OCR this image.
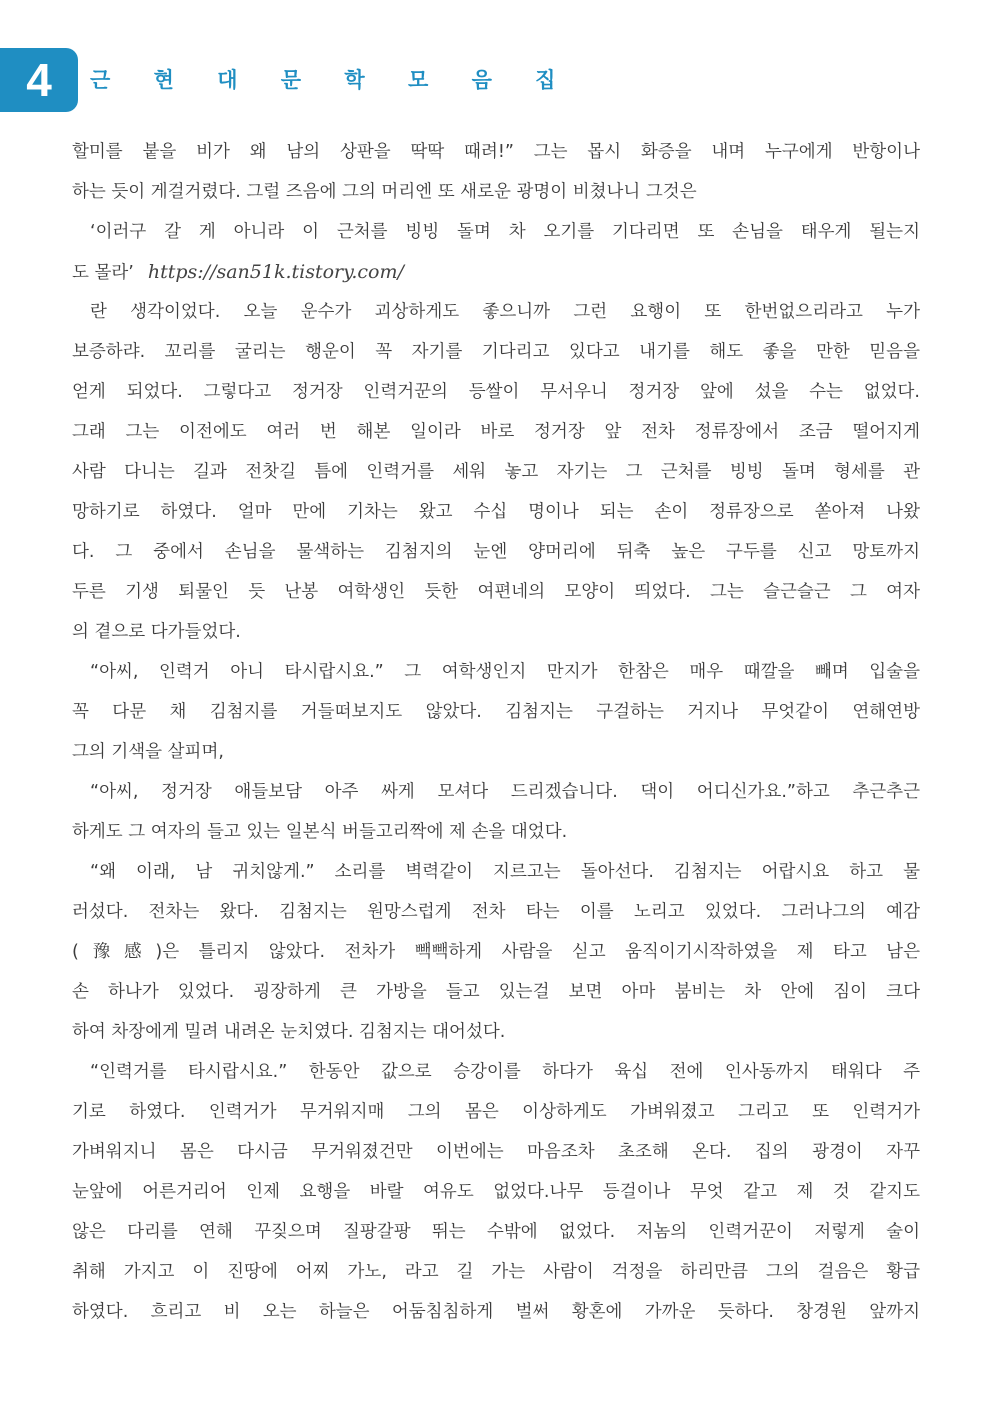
4	근 현 대 문 학 모 음 집
할미를 붙을 비가 왜 남의 상판을 딱딱 때려!” 그는 몹시 화증을 내며 누구에게 반항이나
하는 듯이 게걸거렸다. 그럴 즈음에 그의 머리엔 또 새로운 광명이 비쳤나니 그것은
‘이러구 갈 게 아니라 이 근처를 빙빙 돌며 차 오기를 기다리면 또 손님을 태우게 될는지
도 몰라’ https://san51k.tistory.com/
란 생각이었다. 오늘 운수가 괴상하게도 좋으니까 그런 요행이 또 한번없으리라고 누가
보증하랴. 꼬리를 굴리는 행운이 꼭 자기를 기다리고 있다고 내기를 해도 좋을 만한 믿음을
얻게 되었다. 그렇다고 정거장 인력거꾼의 등쌀이 무서우니 정거장 앞에 섰을 수는 없었다.
그래 그는 이전에도 여러 번 해본 일이라 바로 정거장 앞 전차 정류장에서 조금 떨어지게
사람 다니는 길과 전찻길 틈에 인력거를 세워 놓고 자기는 그 근처를 빙빙 돌며 형세를 관
망하기로 하였다. 얼마 만에 기차는 왔고 수십 명이나 되는 손이 정류장으로 쏟아져 나왔
다. 그 중에서 손님을 물색하는 김첨지의 눈엔 양머리에 뒤축 높은 구두를 신고 망토까지
두른 기생 퇴물인 듯 난봉 여학생인 듯한 여편네의 모양이 띄었다. 그는 슬근슬근 그 여자
의 곁으로 다가들었다.
“아씨, 인력거 아니 타시랍시요.” 그 여학생인지 만지가 한참은 매우 때깔을 빼며 입술을
꼭 다문 채 김첨지를 거들떠보지도 않았다. 김첨지는 구걸하는 거지나 무엇같이 연해연방
그의 기색을 살피며,
“아씨, 정거장 애들보담 아주 싸게 모셔다 드리겠습니다. 댁이 어디신가요.”하고 추근추근
하게도 그 여자의 들고 있는 일본식 버들고리짝에 제 손을 대었다.
“왜 이래, 남 귀치않게.” 소리를 벽력같이 지르고는 돌아선다. 김첨지는 어랍시요 하고 물
러섰다. 전차는 왔다. 김첨지는 원망스럽게 전차 타는 이를 노리고 있었다. 그러나그의 예감
(豫感)은 틀리지 않았다. 전차가 빽빽하게 사람을 싣고 움직이기시작하였을 제 타고 남은
손 하나가 있었다. 굉장하게 큰 가방을 들고 있는걸 보면 아마 붐비는 차 안에 짐이 크다
하여 차장에게 밀려 내려온 눈치였다. 김첨지는 대어섰다.
“인력거를 타시랍시요.” 한동안 값으로 승강이를 하다가 육십 전에 인사동까지 태워다 주
기로 하였다. 인력거가 무거워지매 그의 몸은 이상하게도 가벼워졌고 그리고 또 인력거가
가벼워지니 몸은 다시금 무거워졌건만 이번에는 마음조차 초조해 온다. 집의 광경이 자꾸
눈앞에 어른거리어 인제 요행을 바랄 여유도 없었다.나무 등걸이나 무엇 같고 제 것 같지도
않은 다리를 연해 꾸짖으며 질팡갈팡 뛰는 수밖에 없었다. 저놈의 인력거꾼이 저렇게 술이
취해 가지고 이 진땅에 어찌 가노, 라고 길 가는 사람이 걱정을 하리만큼 그의 걸음은 황급
하였다. 흐리고 비 오는 하늘은 어둠침침하게 벌써 황혼에 가까운 듯하다. 창경원 앞까지
